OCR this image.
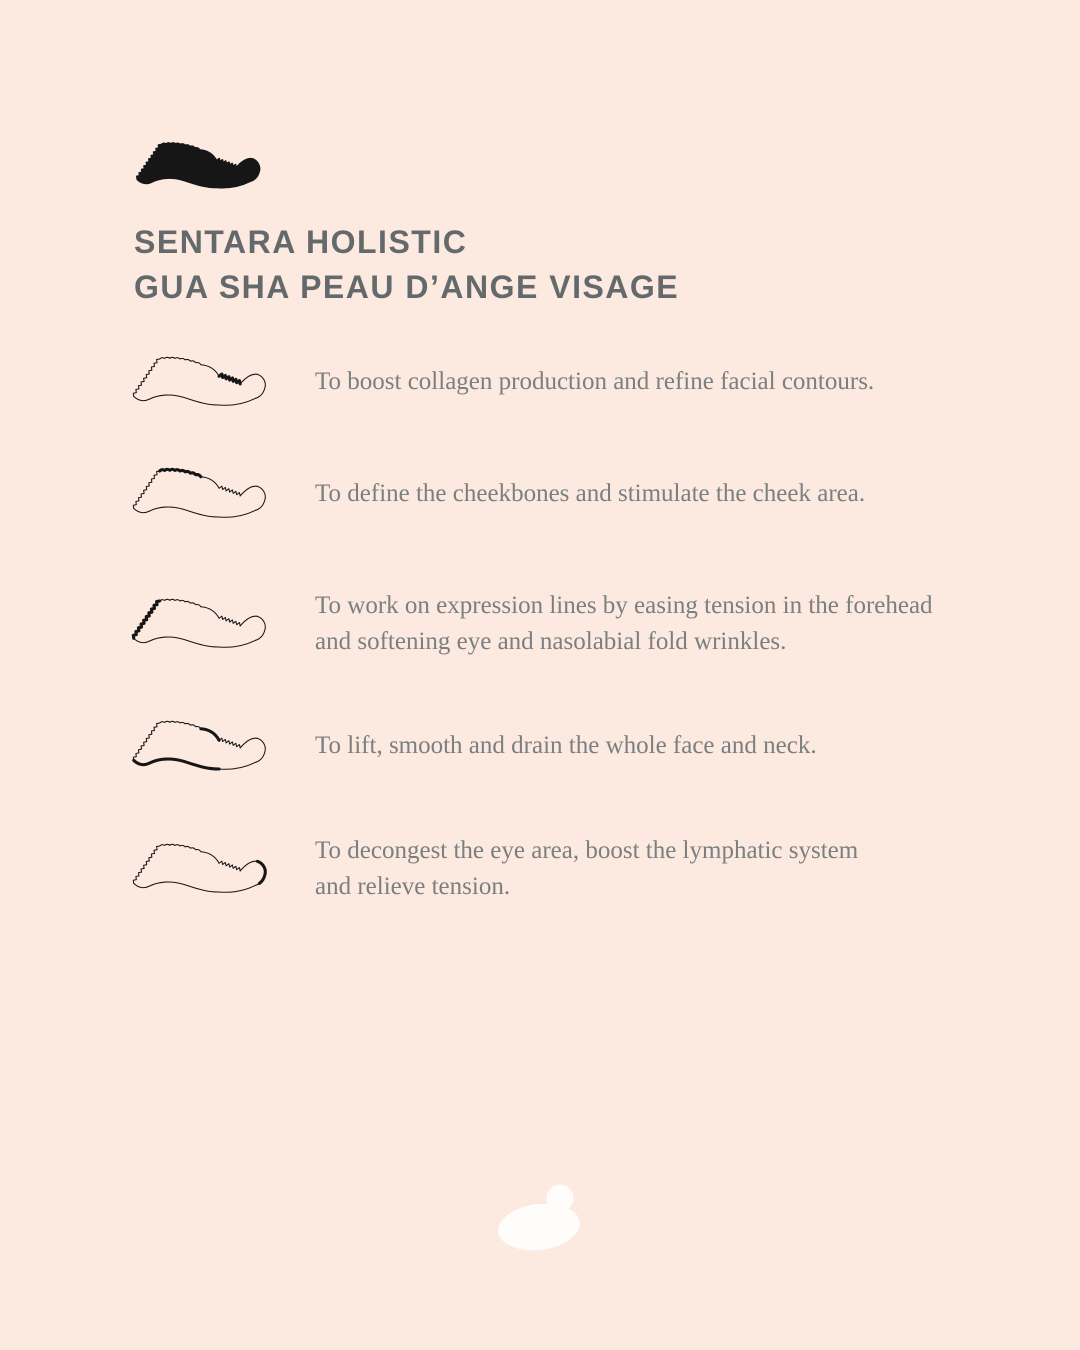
SENTARA HOLISTIC
GUA SHA PEAU D’ANGE VISAGE
To boost collagen production and refine facial contours.
To define the cheekbones and stimulate the cheek area.
To work on expression lines by easing tension in the forehead
and softening eye and nasolabial fold wrinkles.
To lift, smooth and drain the whole face and neck.
To decongest the eye area, boost the lymphatic system
and relieve tension.
